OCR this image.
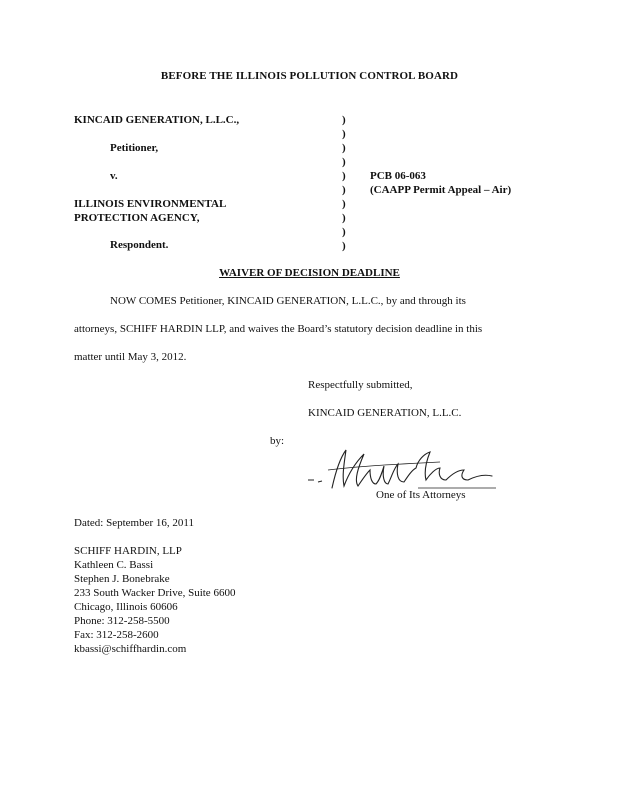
BEFORE THE ILLINOIS POLLUTION CONTROL BOARD
KINCAID GENERATION, L.L.C.,
Petitioner,
v.
ILLINOIS ENVIRONMENTAL
PROTECTION AGENCY,
Respondent.
)
)
)
)
)
)
)
)
)
)
PCB 06-063
(CAAPP Permit Appeal – Air)
WAIVER OF DECISION DEADLINE
NOW COMES Petitioner, KINCAID GENERATION, L.L.C., by and through its
attorneys, SCHIFF HARDIN LLP, and waives the Board’s statutory decision deadline in this
matter until May 3, 2012.
Respectfully submitted,
KINCAID GENERATION, L.L.C.
by:
One of Its Attorneys
Dated: September 16, 2011
SCHIFF HARDIN, LLP
Kathleen C. Bassi
Stephen J. Bonebrake
233 South Wacker Drive, Suite 6600
Chicago, Illinois 60606
Phone: 312-258-5500
Fax: 312-258-2600
kbassi@schiffhardin.com
